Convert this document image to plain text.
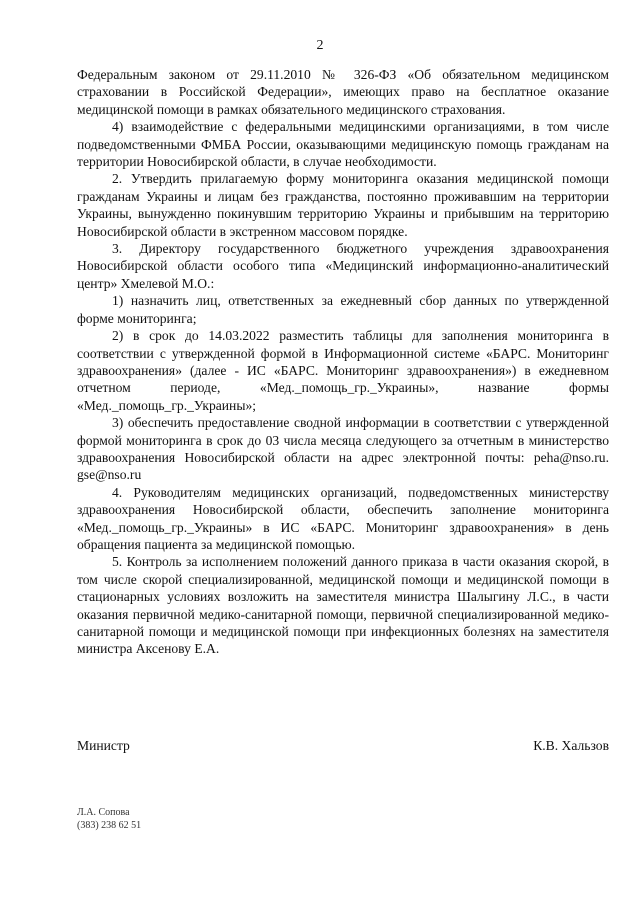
2

Федеральным законом от 29.11.2010 № 326-ФЗ «Об обязательном медицинском страховании в Российской Федерации», имеющих право на бесплатное оказание медицинской помощи в рамках обязательного медицинского страхования.

4) взаимодействие с федеральными медицинскими организациями, в том числе подведомственными ФМБА России, оказывающими медицинскую помощь гражданам на территории Новосибирской области, в случае необходимости.

2. Утвердить прилагаемую форму мониторинга оказания медицинской помощи гражданам Украины и лицам без гражданства, постоянно проживавшим на территории Украины, вынужденно покинувшим территорию Украины и прибывшим на территорию Новосибирской области в экстренном массовом порядке.

3. Директору государственного бюджетного учреждения здравоохранения Новосибирской области особого типа «Медицинский информационно-аналитический центр» Хмелевой М.О.:

1) назначить лиц, ответственных за ежедневный сбор данных по утвержденной форме мониторинга;

2) в срок до 14.03.2022 разместить таблицы для заполнения мониторинга в соответствии с утвержденной формой в Информационной системе «БАРС. Мониторинг здравоохранения» (далее - ИС «БАРС. Мониторинг здравоохранения») в ежедневном отчетном периоде, «Мед._помощь_гр._Украины», название формы «Мед._помощь_гр._Украины»;

3) обеспечить предоставление сводной информации в соответствии с утвержденной формой мониторинга в срок до 03 числа месяца следующего за отчетным в министерство здравоохранения Новосибирской области на адрес электронной почты: peha@nso.ru. gse@nso.ru

4. Руководителям медицинских организаций, подведомственных министерству здравоохранения Новосибирской области, обеспечить заполнение мониторинга «Мед._помощь_гр._Украины» в ИС «БАРС. Мониторинг здравоохранения» в день обращения пациента за медицинской помощью.

5. Контроль за исполнением положений данного приказа в части оказания скорой, в том числе скорой специализированной, медицинской помощи и медицинской помощи в стационарных условиях возложить на заместителя министра Шалыгину Л.С., в части оказания первичной медико-санитарной помощи, первичной специализированной медико-санитарной помощи и медицинской помощи при инфекционных болезнях на заместителя министра Аксенову Е.А.

Министр	К.В. Хальзов
Л.А. Сопова
(383) 238 62 51
